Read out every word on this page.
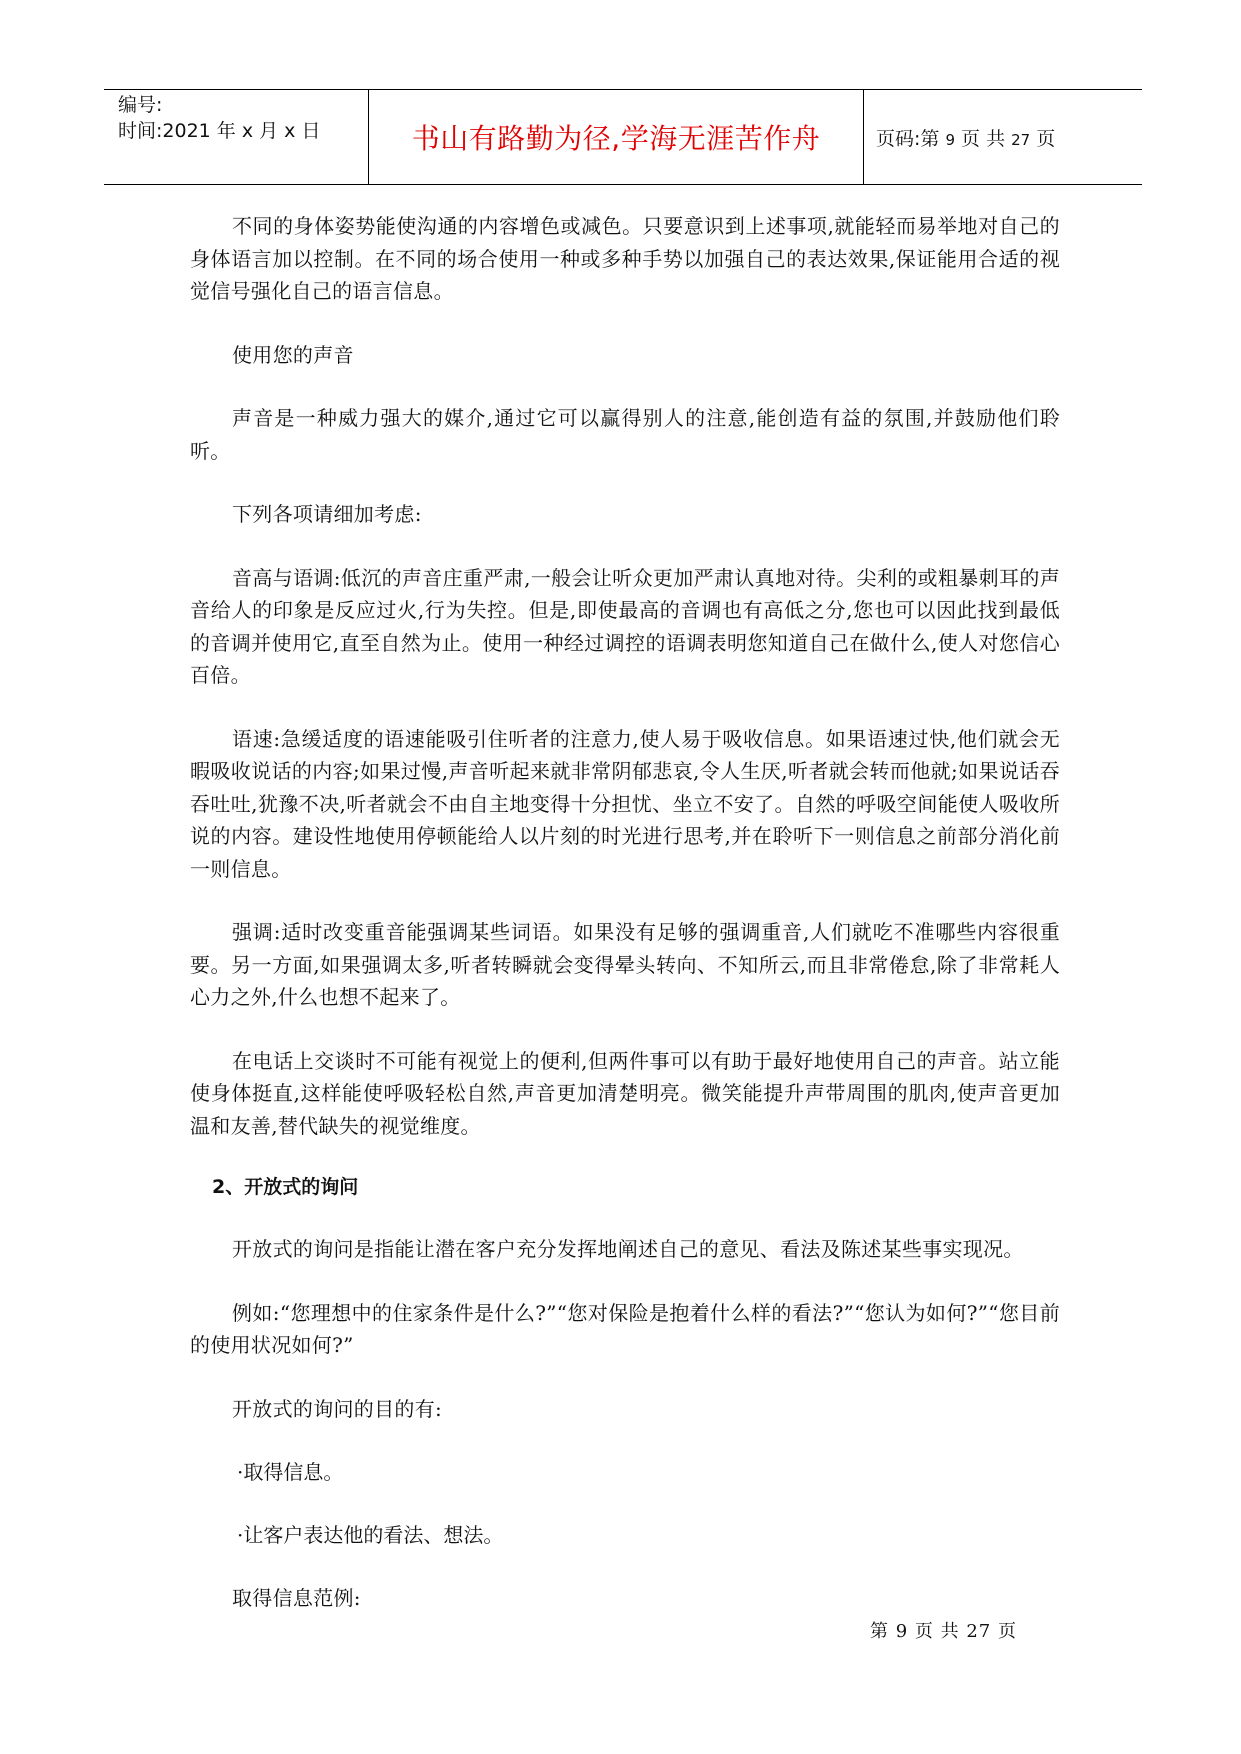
编号:
时间:2021 年 x 月 x 日	书山有路勤为径,学海无涯苦作舟	页码:第 9 页 共 27 页

不同的身体姿势能使沟通的内容增色或减色。只要意识到上述事项,就能轻而易举地对自己的身体语言加以控制。在不同的场合使用一种或多种手势以加强自己的表达效果,保证能用合适的视觉信号强化自己的语言信息。

使用您的声音

声音是一种威力强大的媒介,通过它可以赢得别人的注意,能创造有益的氛围,并鼓励他们聆听。

下列各项请细加考虑:

音高与语调:低沉的声音庄重严肃,一般会让听众更加严肃认真地对待。尖利的或粗暴刺耳的声音给人的印象是反应过火,行为失控。但是,即使最高的音调也有高低之分,您也可以因此找到最低的音调并使用它,直至自然为止。使用一种经过调控的语调表明您知道自己在做什么,使人对您信心百倍。

语速:急缓适度的语速能吸引住听者的注意力,使人易于吸收信息。如果语速过快,他们就会无暇吸收说话的内容;如果过慢,声音听起来就非常阴郁悲哀,令人生厌,听者就会转而他就;如果说话吞吞吐吐,犹豫不决,听者就会不由自主地变得十分担忧、坐立不安了。自然的呼吸空间能使人吸收所说的内容。建设性地使用停顿能给人以片刻的时光进行思考,并在聆听下一则信息之前部分消化前一则信息。

强调:适时改变重音能强调某些词语。如果没有足够的强调重音,人们就吃不准哪些内容很重要。另一方面,如果强调太多,听者转瞬就会变得晕头转向、不知所云,而且非常倦怠,除了非常耗人心力之外,什么也想不起来了。

在电话上交谈时不可能有视觉上的便利,但两件事可以有助于最好地使用自己的声音。站立能使身体挺直,这样能使呼吸轻松自然,声音更加清楚明亮。微笑能提升声带周围的肌肉,使声音更加温和友善,替代缺失的视觉维度。

2、开放式的询问

开放式的询问是指能让潜在客户充分发挥地阐述自己的意见、看法及陈述某些事实现况。

例如:“您理想中的住家条件是什么?”“您对保险是抱着什么样的看法?”“您认为如何?”“您目前的使用状况如何?”

开放式的询问的目的有:

·取得信息。
·让客户表达他的看法、想法。

取得信息范例:

第 9 页 共 27 页
